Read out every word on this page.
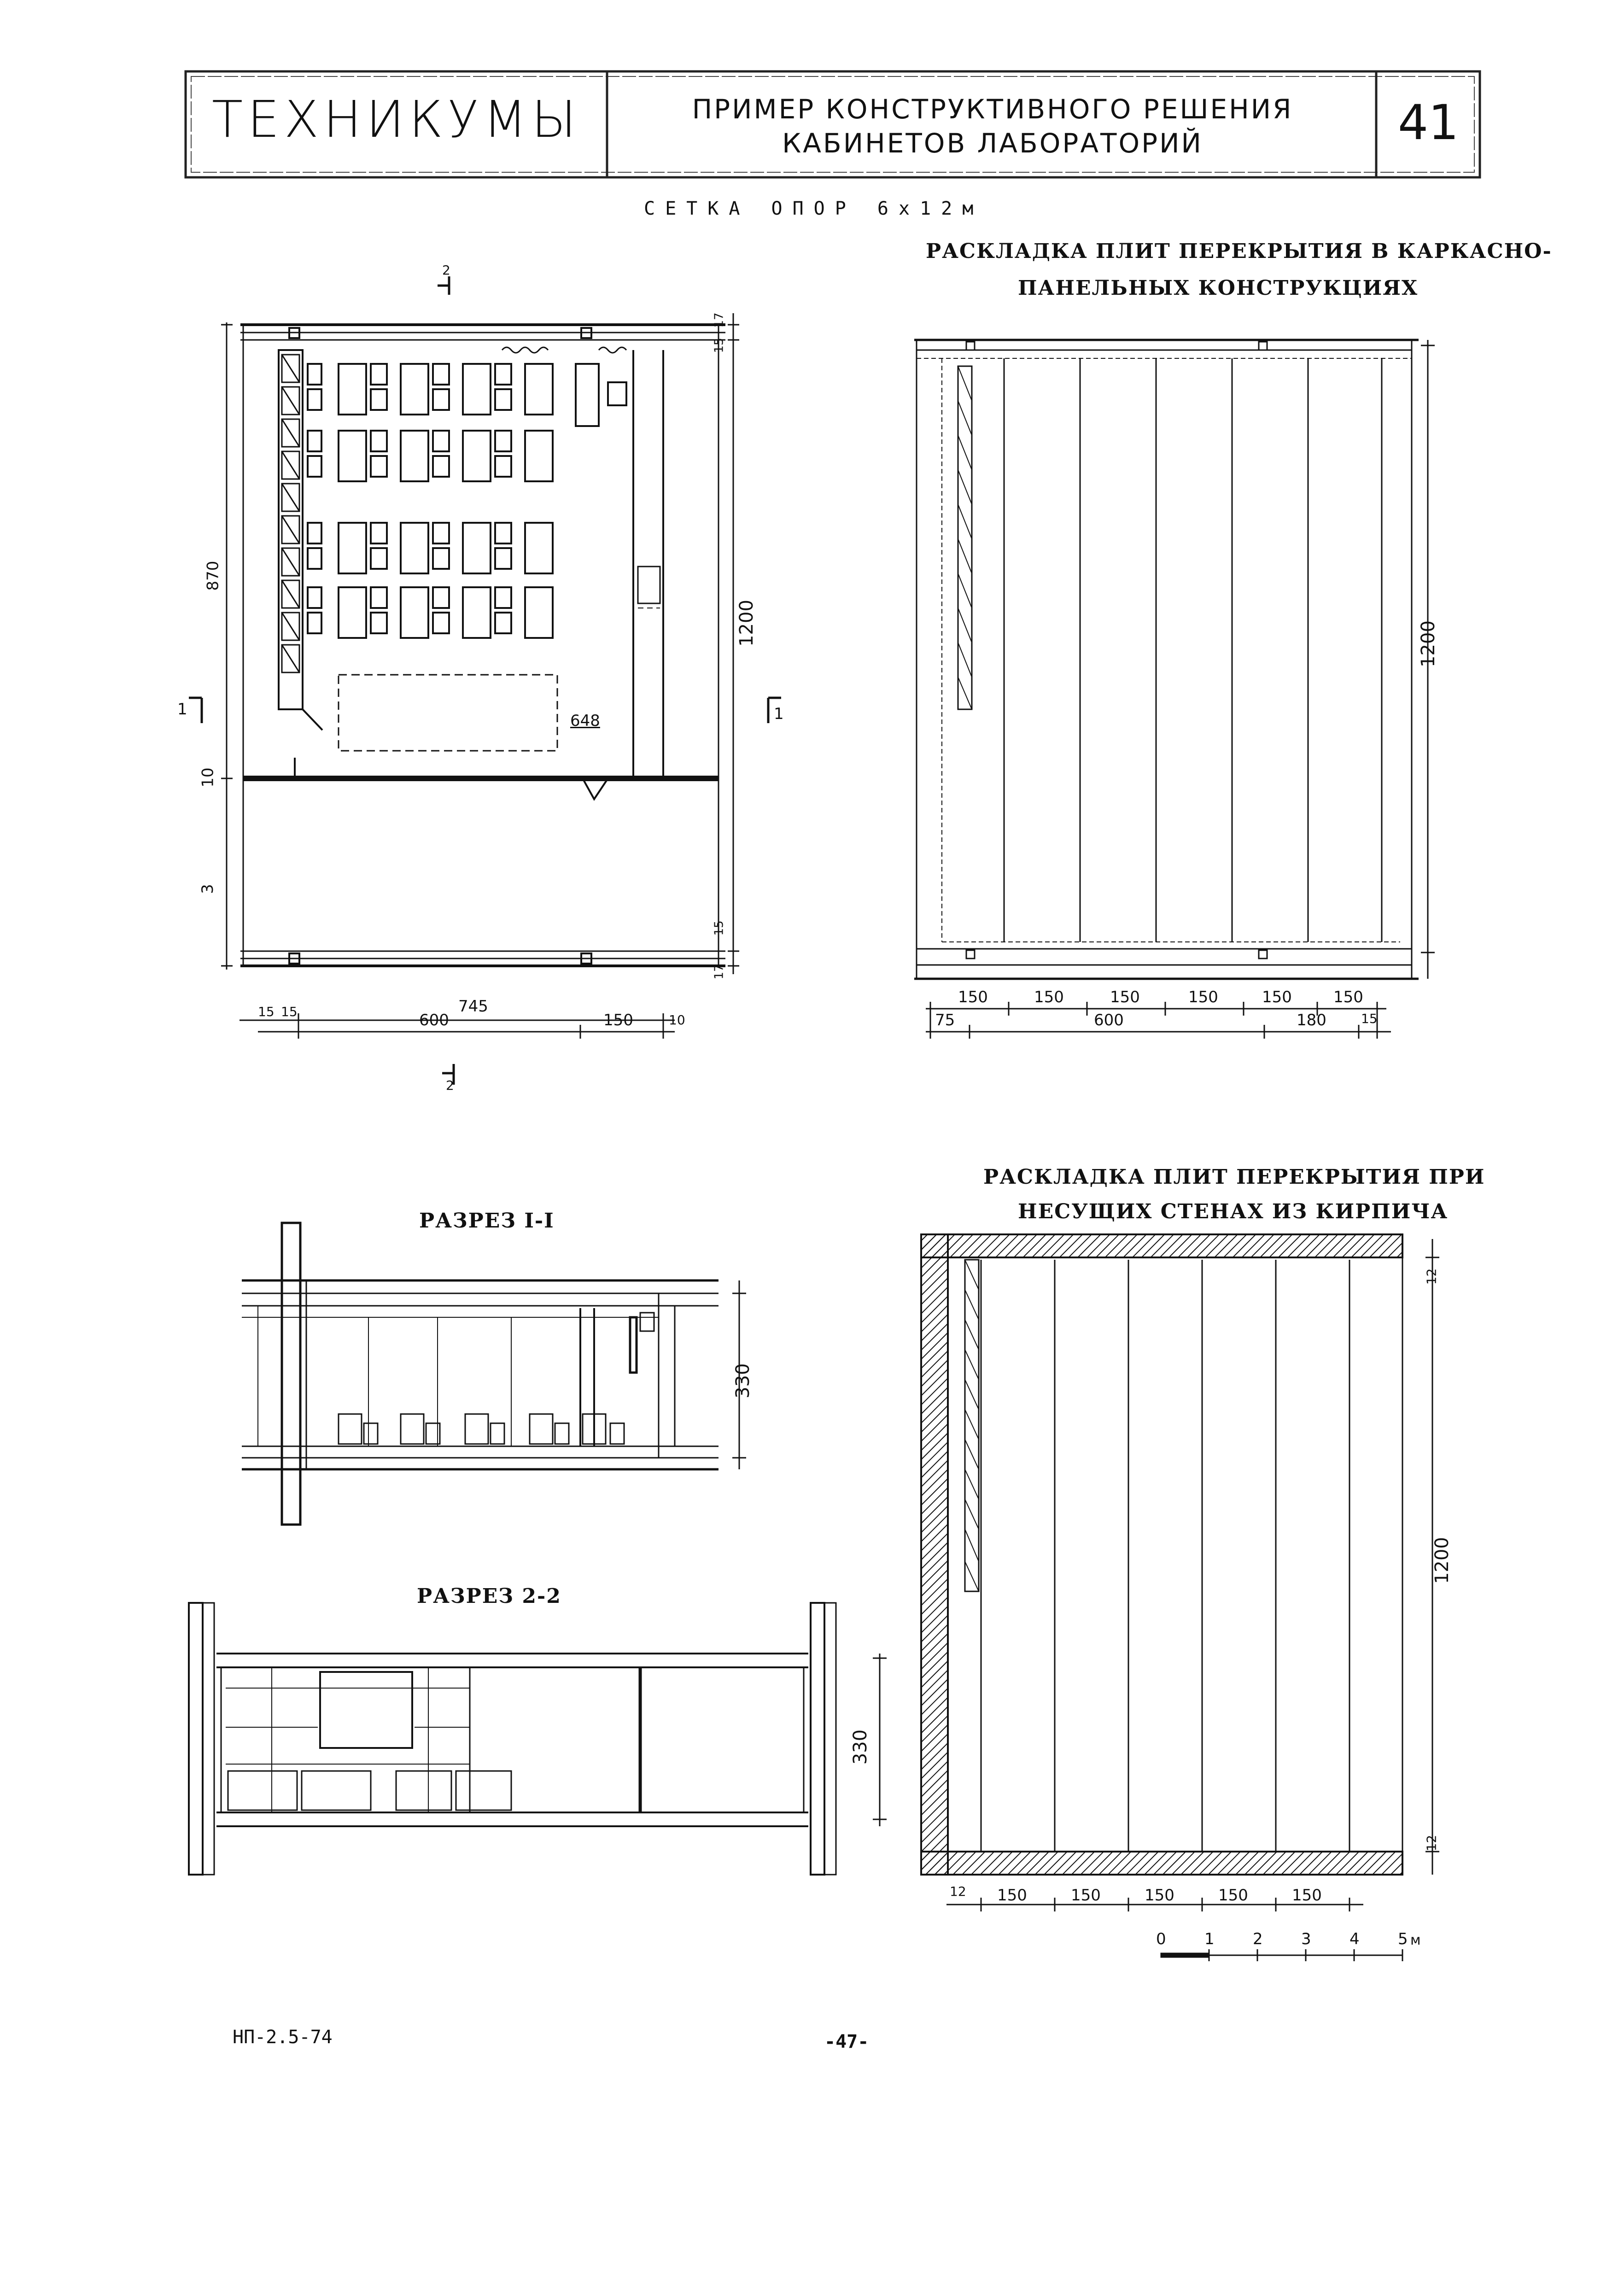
ТЕХНИКУМЫ	ПРИМЕР КОНСТРУКТИВНОГО РЕШЕНИЯ
КАБИНЕТОВ ЛАБОРАТОРИЙ	41
СЕТКА ОПОР 6х12м
870
10
3
1200
15
17
15
17
648
1	1
2
2
745
15 15	600	150	10
РАСКЛАДКА ПЛИТ ПЕРЕКРЫТИЯ В КАРКАСНО-
ПАНЕЛЬНЫХ КОНСТРУКЦИЯХ
1200
150	150	150	150	150	150
75	600	180	15
РАЗРЕЗ I-I
330
РАЗРЕЗ 2-2
330
РАСКЛАДКА ПЛИТ ПЕРЕКРЫТИЯ ПРИ
НЕСУЩИХ СТЕНАХ ИЗ КИРПИЧА
1200
12
12
12 150	150	150	150	150
0 1 2 3 4 5 м
НП-2.5-74	-47-
